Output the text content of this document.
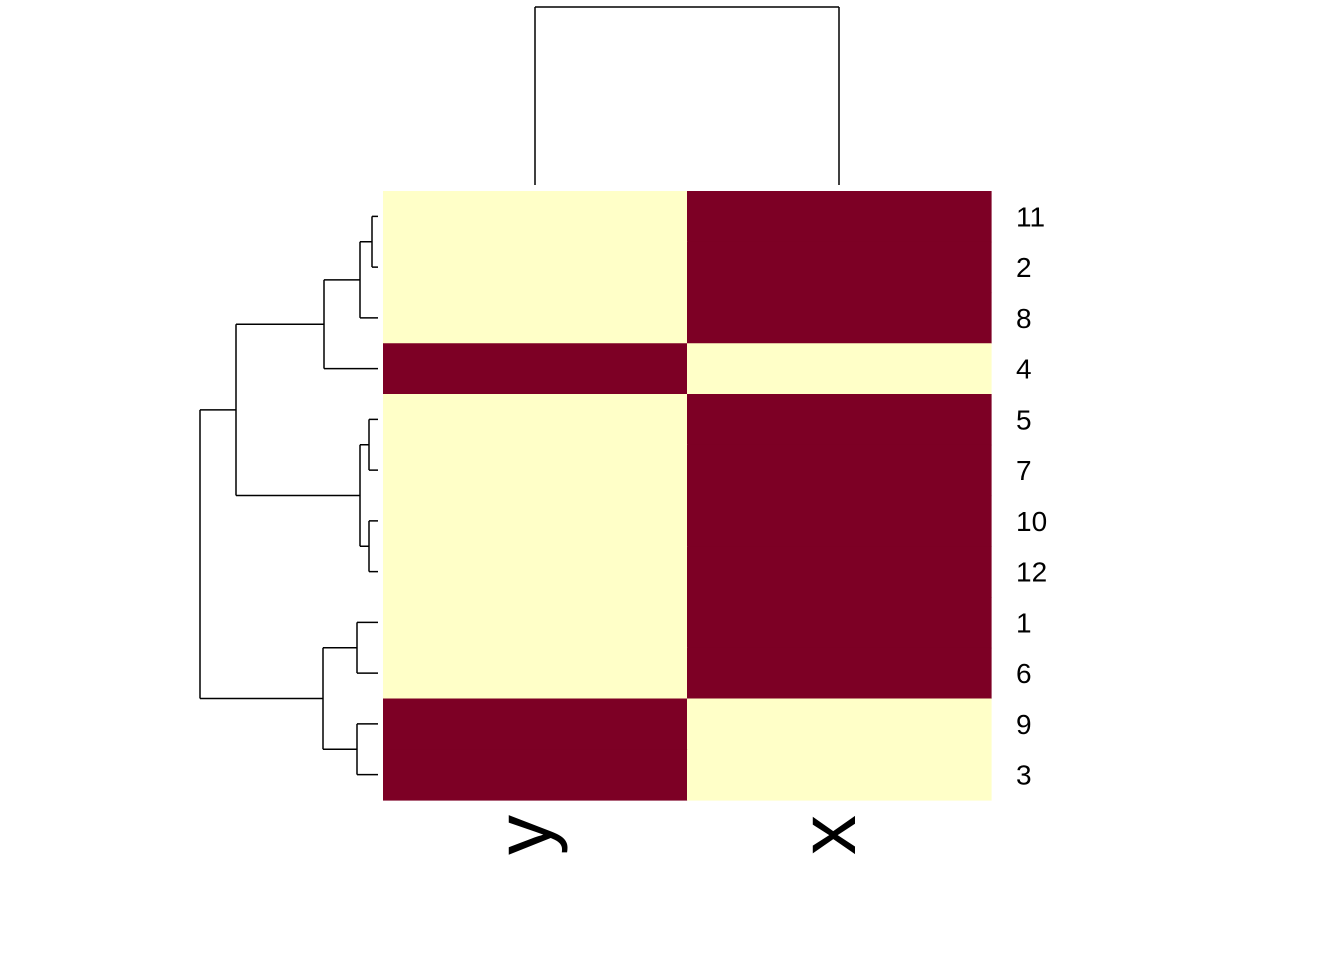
11
2
8
4
5
7
10
12
1
6
9
3
y	x
